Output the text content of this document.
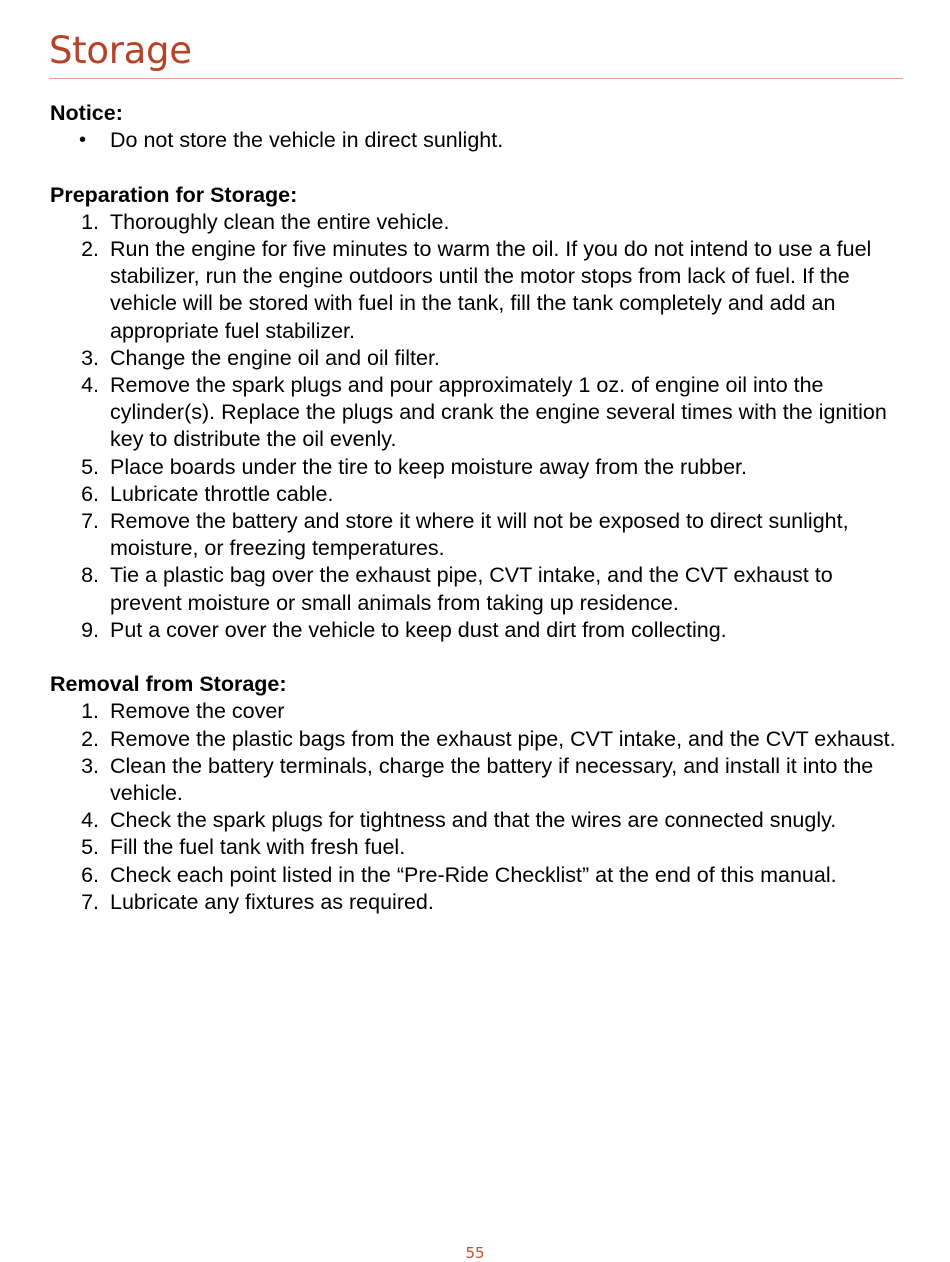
Storage
Notice:
• Do not store the vehicle in direct sunlight.
Preparation for Storage:
1. Thoroughly clean the entire vehicle.
2. Run the engine for five minutes to warm the oil. If you do not intend to use a fuel stabilizer, run the engine outdoors until the motor stops from lack of fuel. If the vehicle will be stored with fuel in the tank, fill the tank completely and add an appropriate fuel stabilizer.
3. Change the engine oil and oil filter.
4. Remove the spark plugs and pour approximately 1 oz. of engine oil into the cylinder(s). Replace the plugs and crank the engine several times with the ignition key to distribute the oil evenly.
5. Place boards under the tire to keep moisture away from the rubber.
6. Lubricate throttle cable.
7. Remove the battery and store it where it will not be exposed to direct sunlight, moisture, or freezing temperatures.
8. Tie a plastic bag over the exhaust pipe, CVT intake, and the CVT exhaust to prevent moisture or small animals from taking up residence.
9. Put a cover over the vehicle to keep dust and dirt from collecting.
Removal from Storage:
1. Remove the cover
2. Remove the plastic bags from the exhaust pipe, CVT intake, and the CVT exhaust.
3. Clean the battery terminals, charge the battery if necessary, and install it into the vehicle.
4. Check the spark plugs for tightness and that the wires are connected snugly.
5. Fill the fuel tank with fresh fuel.
6. Check each point listed in the “Pre-Ride Checklist” at the end of this manual.
7. Lubricate any fixtures as required.
55
